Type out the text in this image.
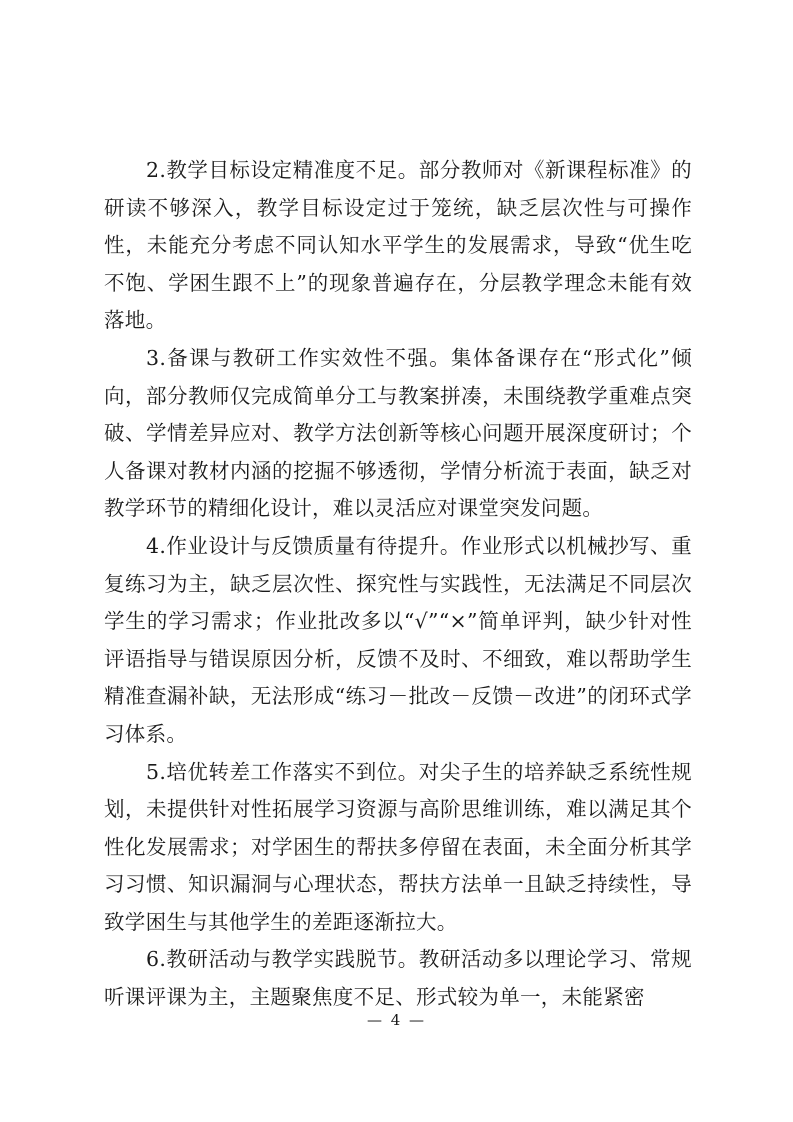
2.教学目标设定精准度不足。部分教师对《新课程标准》的研读不够深入，教学目标设定过于笼统，缺乏层次性与可操作性，未能充分考虑不同认知水平学生的发展需求，导致“优生吃不饱、学困生跟不上”的现象普遍存在，分层教学理念未能有效落地。

3.备课与教研工作实效性不强。集体备课存在“形式化”倾向，部分教师仅完成简单分工与教案拼凑，未围绕教学重难点突破、学情差异应对、教学方法创新等核心问题开展深度研讨；个人备课对教材内涵的挖掘不够透彻，学情分析流于表面，缺乏对教学环节的精细化设计，难以灵活应对课堂突发问题。

4.作业设计与反馈质量有待提升。作业形式以机械抄写、重复练习为主，缺乏层次性、探究性与实践性，无法满足不同层次学生的学习需求；作业批改多以“√”“×”简单评判，缺少针对性评语指导与错误原因分析，反馈不及时、不细致，难以帮助学生精准查漏补缺，无法形成“练习－批改－反馈－改进”的闭环式学习体系。

5.培优转差工作落实不到位。对尖子生的培养缺乏系统性规划，未提供针对性拓展学习资源与高阶思维训练，难以满足其个性化发展需求；对学困生的帮扶多停留在表面，未全面分析其学习习惯、知识漏洞与心理状态，帮扶方法单一且缺乏持续性，导致学困生与其他学生的差距逐渐拉大。

6.教研活动与教学实践脱节。教研活动多以理论学习、常规听课评课为主，主题聚焦度不足、形式较为单一，未能紧密

— 4 —
